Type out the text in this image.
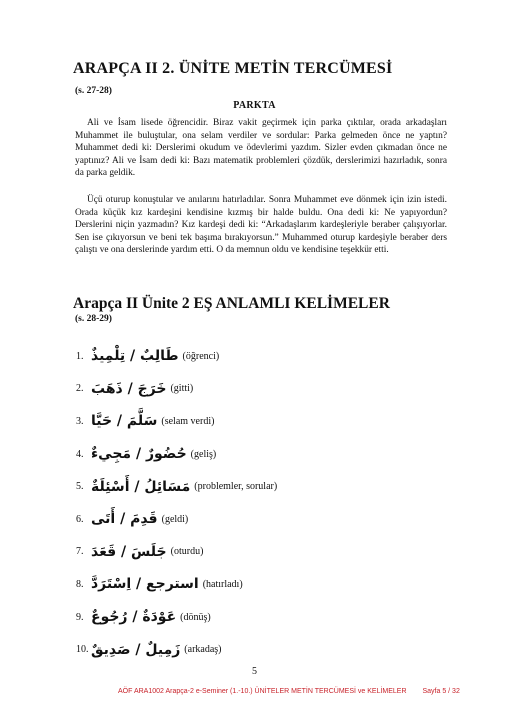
ARAPÇA II 2. ÜNİTE METİN TERCÜMESİ
(s. 27-28)
PARKTA

Ali ve İsam lisede öğrencidir. Biraz vakit geçirmek için parka çıktılar, orada arkadaşları Muhammet ile buluştular, ona selam verdiler ve sordular: Parka gelmeden önce ne yaptın? Muhammet dedi ki: Derslerimi okudum ve ödevlerimi yazdım. Sizler evden çıkmadan önce ne yaptınız? Ali ve İsam dedi ki: Bazı matematik problemleri çözdük, derslerimizi hazırladık, sonra da parka geldik.

Üçü oturup konuştular ve anılarını hatırladılar. Sonra Muhammet eve dönmek için izin istedi. Orada küçük kız kardeşini kendisine kızmış bir halde buldu. Ona dedi ki: Ne yapıyordun? Derslerini niçin yazmadın? Kız kardeşi dedi ki: “Arkadaşlarım kardeşleriyle beraber çalışıyorlar. Sen ise çıkıyorsun ve beni tek başıma bırakıyorsun.” Muhammed oturup kardeşiyle beraber ders çalıştı ve ona derslerinde yardım etti. O da memnun oldu ve kendisine teşekkür etti.

Arapça II Ünite 2 EŞ ANLAMLI KELİMELER
(s. 28-29)
1. طَالِبٌ / تِلْمِيذٌ (öğrenci)
2. خَرَجَ / ذَهَبَ (gitti)
3. سَلَّمَ / حَيَّا (selam verdi)
4. حُضُورٌ / مَجِيءٌ (geliş)
5. مَسَائِلُ / أَسْئِلَةٌ (problemler, sorular)
6. قَدِمَ / أَتَى (geldi)
7. جَلَسَ / قَعَدَ (oturdu)
8. استرجع / اِسْتَرَدَّ (hatırladı)
9. عَوْدَةٌ / رُجُوعٌ (dönüş)
10. زَمِيلٌ / صَدِيقٌ (arkadaş)
5
AÖF ARA1002 Arapça-2 e-Seminer (1.-10.) ÜNİTELER METİN TERCÜMESİ ve KELİMELER Sayfa 5 / 32
